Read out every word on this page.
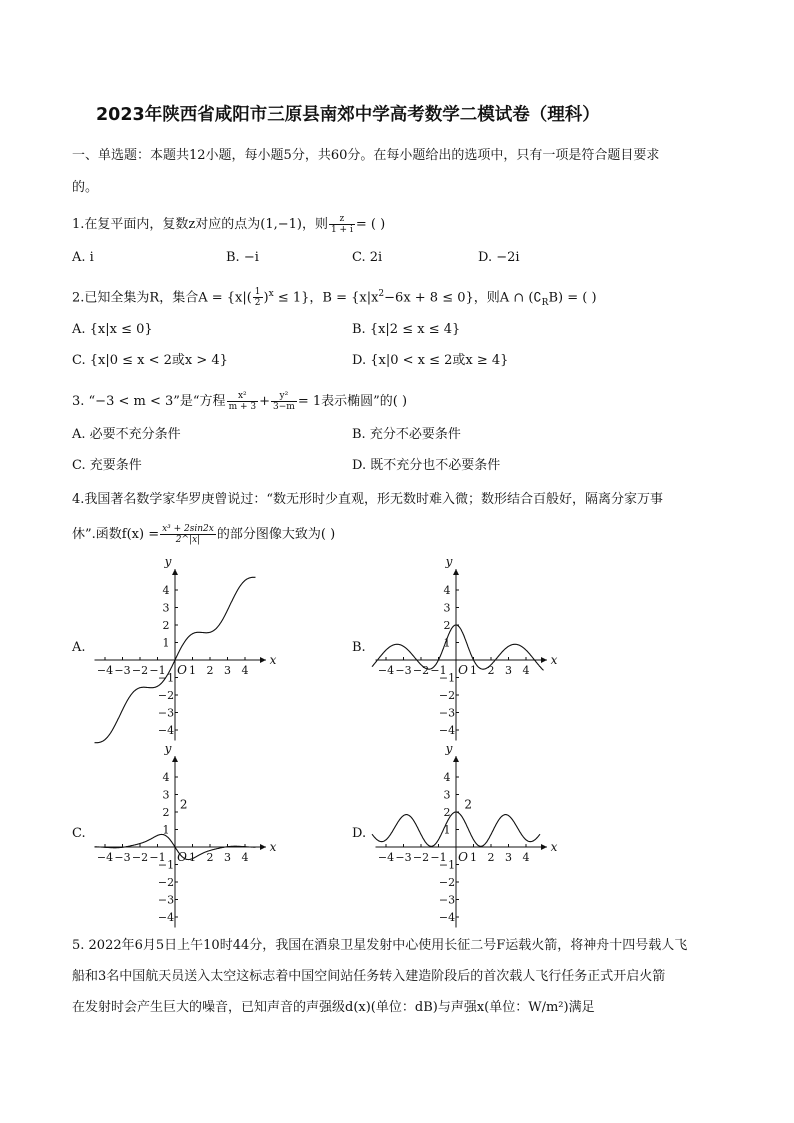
2023年陕西省咸阳市三原县南郊中学高考数学二模试卷（理科）
一、单选题：本题共12小题，每小题5分，共60分。在每小题给出的选项中，只有一项是符合题目要求
的。
1.在复平面内，复数z对应的点为(1,−1)，则 $\frac{z}{1 + i}$ = ( )
A. i	B. −i	C. 2i	D. −2i
2.已知全集为R，集合$A = \{x|( \frac{1}{2} )^x \le 1\}$，$B = \{x|x^2-6x + 8 \le 0\}$，则A ∩ $(∁_RB)$ = ( )
A. {x|x ≤ 0}	B. {x|2 ≤ x ≤ 4}
C. {x|0 ≤ x < 2或x > 4}	D. {x|0 < x ≤ 2或x ≥ 4}
3. “−3 < m < 3”是“方程 $\frac{\text{x²}}{m + 3} + \frac{\text{y²}}{3-m} = 1$表示椭圆”的( )
A. 必要不充分条件	B. 充分不必要条件
C. 充要条件	D. 既不充分也不必要条件
4.我国著名数学家华罗庚曾说过：“数无形时少直观，形无数时难入微；数形结合百般好，隔离分家万事
休”.函数$f(x) = \frac{\text{x³ + 2sin2x}}{2\^{}|x|}$ 的部分图像大致为( )
A.	B.
C.	D.
x
y
O
−4
−4
−3
−3
−2
−2
−1
−1
1
1
2
2
3
3
4
4
x
y
O
−4
−4
−3
−3
−2
−2
−1
−1
1
1
2
2
3
3
4
4
x
y
O
−4
−4
−3
−3
−2
−2
−1
−1
1
1
2
2
3
3
4
4
2
x
y
O
−4
−4
−3
−3
−2
−2
−1
−1
1
1
2
2
3
3
4
4
2
5. 2022年6月5日上午10时44分，我国在酒泉卫星发射中心使用长征二号F运载火箭，将神舟十四号载人飞
船和3名中国航天员送入太空这标志着中国空间站任务转入建造阶段后的首次载人飞行任务正式开启火箭
在发射时会产生巨大的噪音，已知声音的声强级d(x)(单位：dB)与声强x(单位：W/m²)满足
